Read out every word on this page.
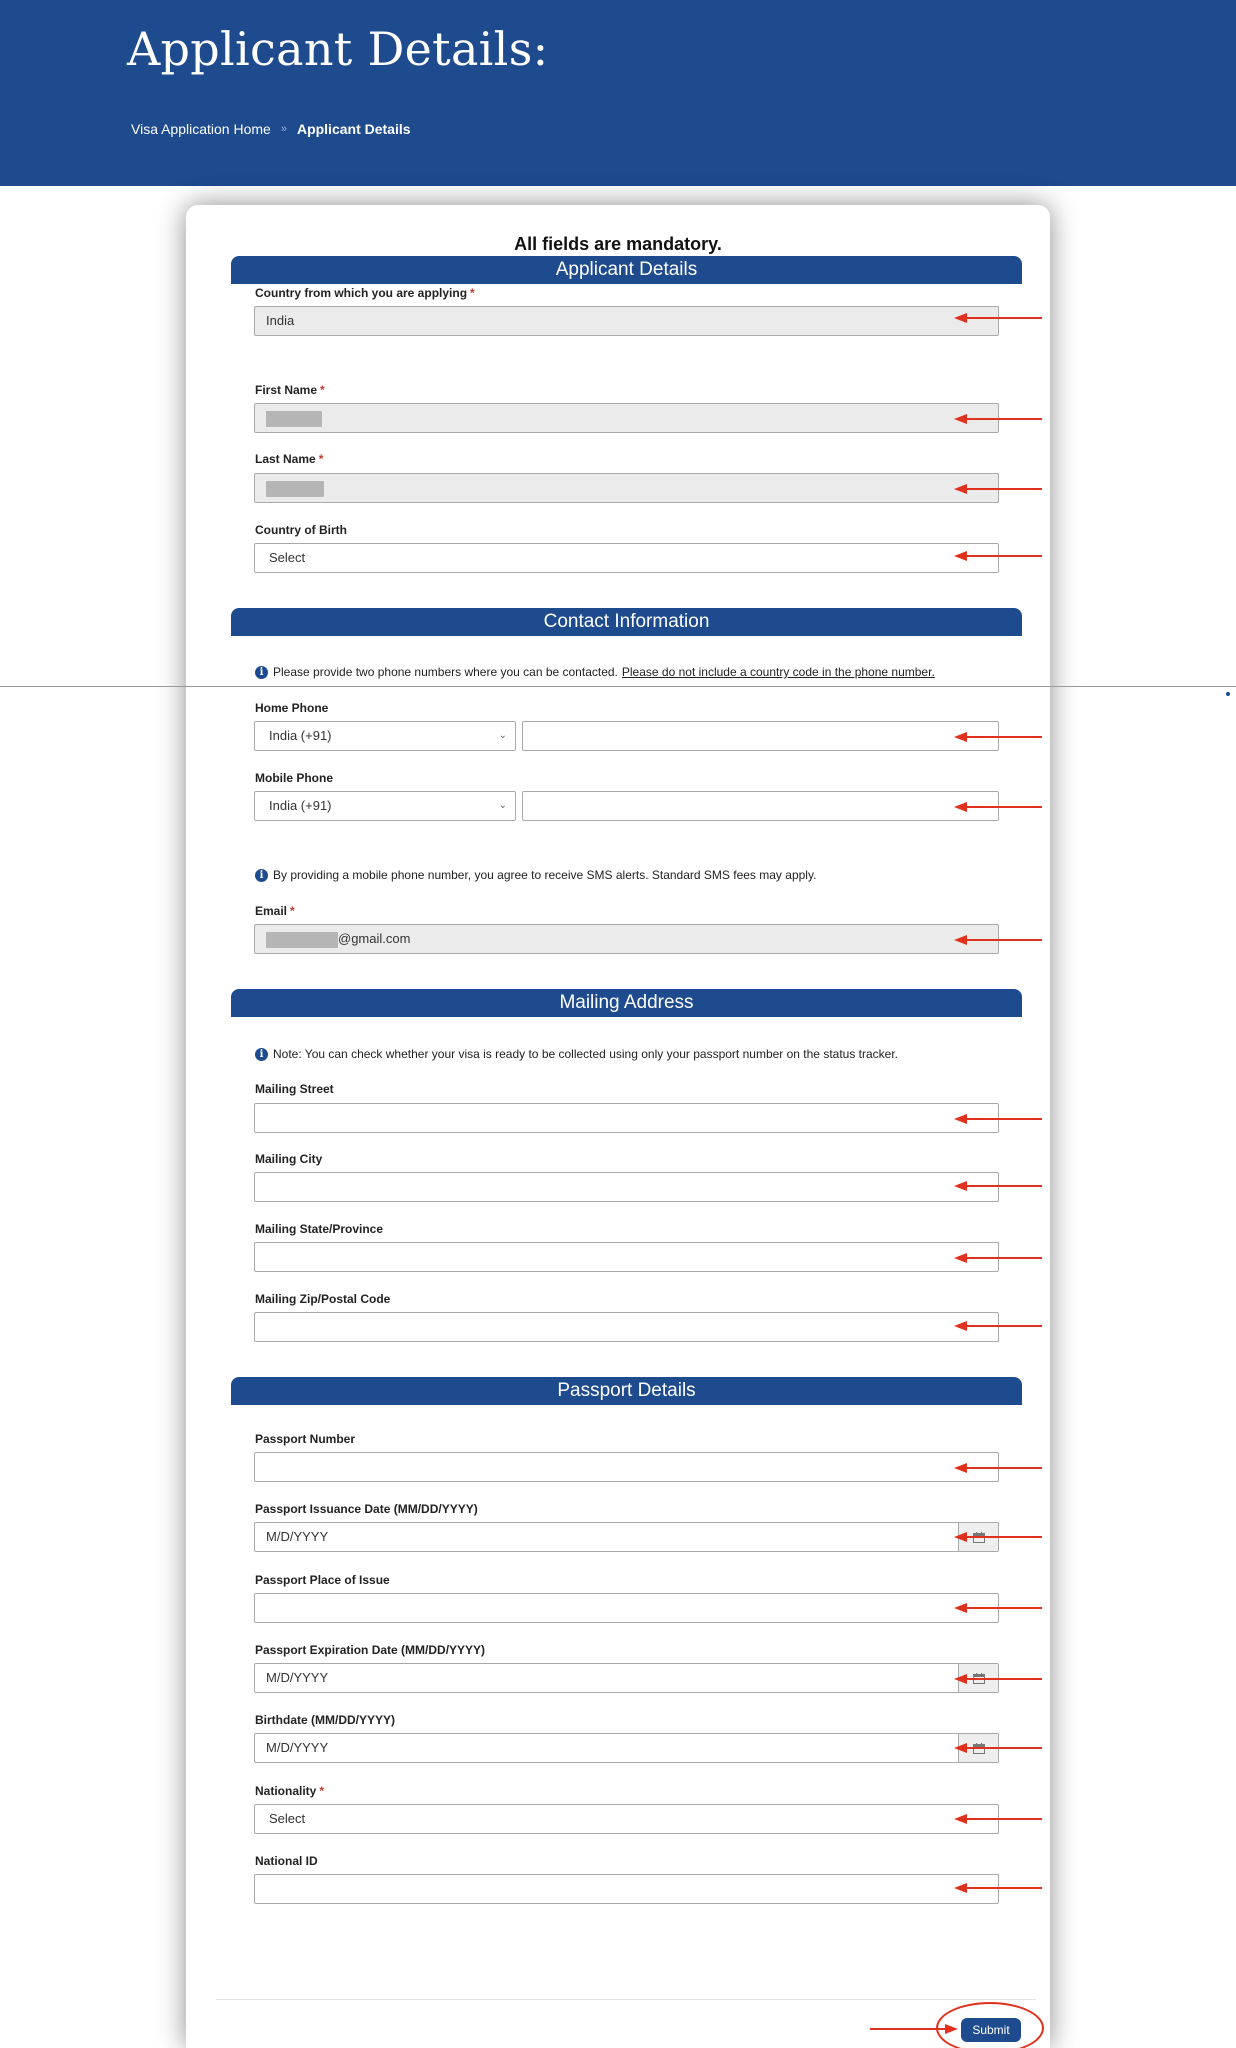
Applicant Details:
Visa Application Home » Applicant Details
All fields are mandatory.
Applicant Details
Country from which you are applying *
India
First Name *
Last Name *
Country of Birth
Select
Contact Information
i Please provide two phone numbers where you can be contacted. Please do not include a country code in the phone number.
Home Phone
India (+91)	⌄
Mobile Phone
India (+91)	⌄
i By providing a mobile phone number, you agree to receive SMS alerts. Standard SMS fees may apply.
Email *
@gmail.com
Mailing Address
i Note: You can check whether your visa is ready to be collected using only your passport number on the status tracker.
Mailing Street
Mailing City
Mailing State/Province
Mailing Zip/Postal Code
Passport Details
Passport Number
Passport Issuance Date (MM/DD/YYYY)
M/D/YYYY
Passport Place of Issue
Passport Expiration Date (MM/DD/YYYY)
M/D/YYYY
Birthdate (MM/DD/YYYY)
M/D/YYYY
Nationality *
Select
National ID
Submit
